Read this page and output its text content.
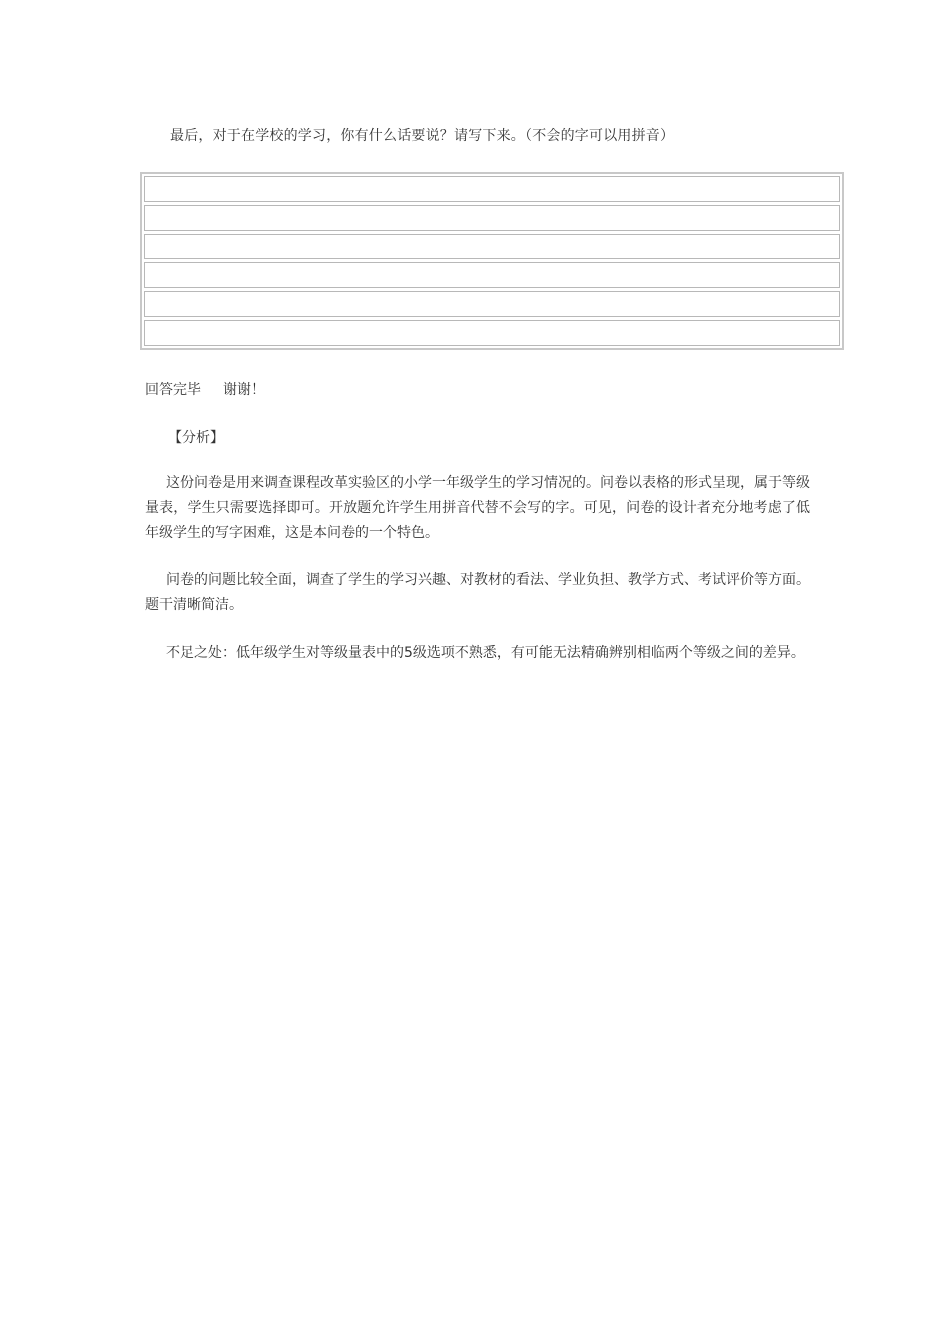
最后，对于在学校的学习，你有什么话要说？请写下来。（不会的字可以用拼音）
回答完毕 谢谢！
【分析】
这份问卷是用来调查课程改革实验区的小学一年级学生的学习情况的。问卷以表格的形式呈现，属于等级量表，学生只需要选择即可。开放题允许学生用拼音代替不会写的字。可见，问卷的设计者充分地考虑了低年级学生的写字困难，这是本问卷的一个特色。
问卷的问题比较全面，调查了学生的学习兴趣、对教材的看法、学业负担、教学方式、考试评价等方面。题干清晰简洁。
不足之处：低年级学生对等级量表中的5级选项不熟悉，有可能无法精确辨别相临两个等级之间的差异。
